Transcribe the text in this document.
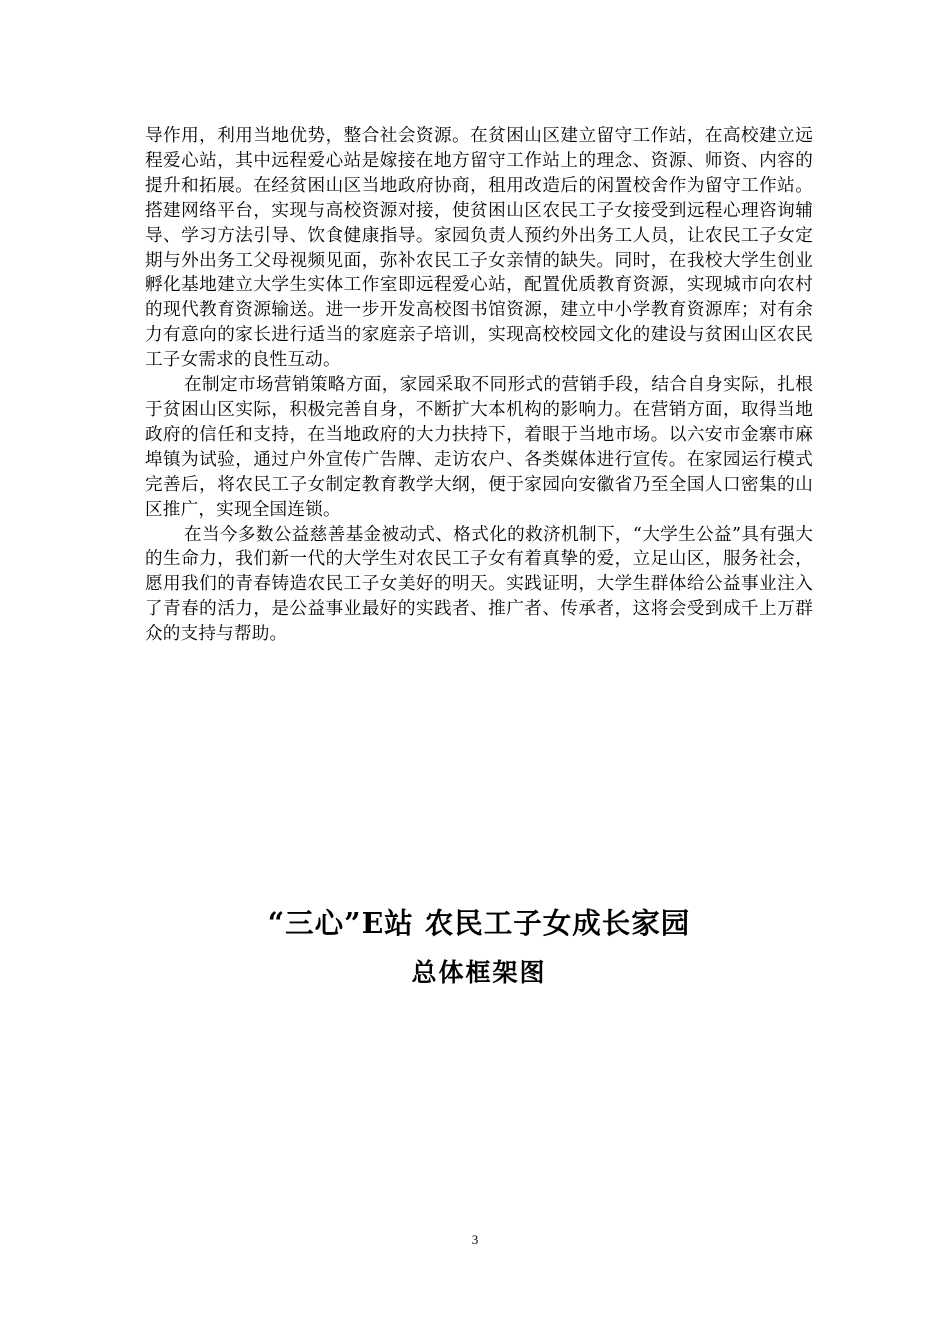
导作用，利用当地优势，整合社会资源。在贫困山区建立留守工作站，在高校建立远程爱心站，其中远程爱心站是嫁接在地方留守工作站上的理念、资源、师资、内容的提升和拓展。在经贫困山区当地政府协商，租用改造后的闲置校舍作为留守工作站。搭建网络平台，实现与高校资源对接，使贫困山区农民工子女接受到远程心理咨询辅导、学习方法引导、饮食健康指导。家园负责人预约外出务工人员，让农民工子女定期与外出务工父母视频见面，弥补农民工子女亲情的缺失。同时，在我校大学生创业孵化基地建立大学生实体工作室即远程爱心站，配置优质教育资源，实现城市向农村的现代教育资源输送。进一步开发高校图书馆资源，建立中小学教育资源库；对有余力有意向的家长进行适当的家庭亲子培训，实现高校校园文化的建设与贫困山区农民工子女需求的良性互动。

在制定市场营销策略方面，家园采取不同形式的营销手段，结合自身实际，扎根于贫困山区实际，积极完善自身，不断扩大本机构的影响力。在营销方面，取得当地政府的信任和支持，在当地政府的大力扶持下，着眼于当地市场。以六安市金寨市麻埠镇为试验，通过户外宣传广告牌、走访农户、各类媒体进行宣传。在家园运行模式完善后，将农民工子女制定教育教学大纲，便于家园向安徽省乃至全国人口密集的山区推广，实现全国连锁。

在当今多数公益慈善基金被动式、格式化的救济机制下，“大学生公益”具有强大的生命力，我们新一代的大学生对农民工子女有着真挚的爱，立足山区，服务社会，愿用我们的青春铸造农民工子女美好的明天。实践证明，大学生群体给公益事业注入了青春的活力，是公益事业最好的实践者、推广者、传承者，这将会受到成千上万群众的支持与帮助。

“三心”E站 农民工子女成长家园
总体框架图
3
